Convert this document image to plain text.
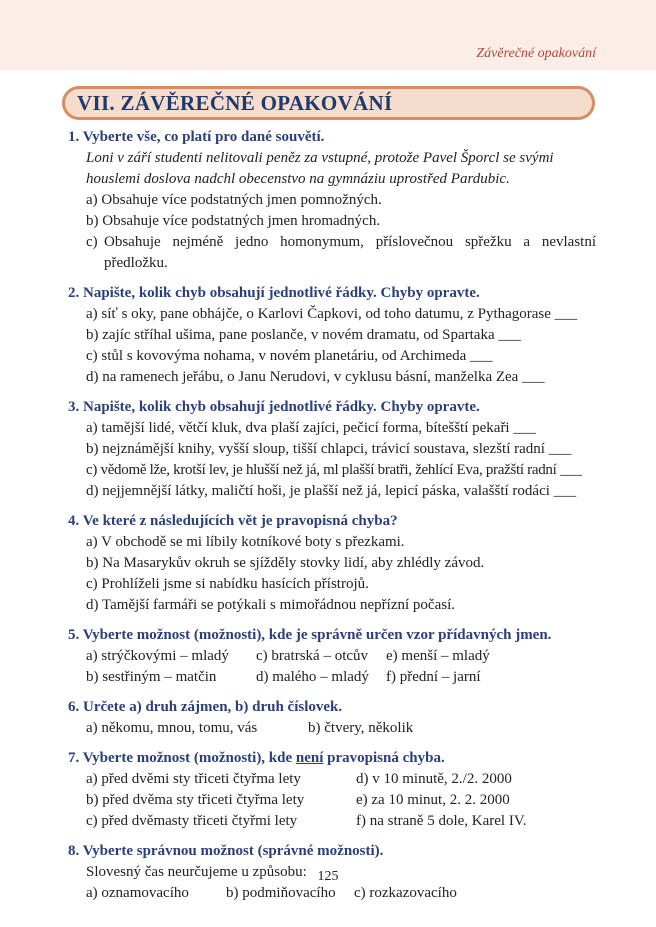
Závěrečné opakování
VII. ZÁVĚREČNÉ OPAKOVÁNÍ
1. Vyberte vše, co platí pro dané souvětí.
Loni v září studenti nelitovali peněz za vstupné, protože Pavel Šporcl se svými
houslemi doslova nadchl obecenstvo na gymnáziu uprostřed Pardubic.
a) Obsahuje více podstatných jmen pomnožných.
b) Obsahuje více podstatných jmen hromadných.
c) Obsahuje nejméně jedno homonymum, příslovečnou spřežku a nevlastní
předložku.
2. Napište, kolik chyb obsahují jednotlivé řádky. Chyby opravte.
a) síť s oky, pane obhájče, o Karlovi Čapkovi, od toho datumu, z Pythagorase ___
b) zajíc stříhal ušima, pane poslanče, v novém dramatu, od Spartaka ___
c) stůl s kovovýma nohama, v novém planetáriu, od Archimeda ___
d) na ramenech jeřábu, o Janu Nerudovi, v cyklusu básní, manželka Zea ___
3. Napište, kolik chyb obsahují jednotlivé řádky. Chyby opravte.
a) tamější lidé, větčí kluk, dva plaší zajíci, pečicí forma, bítešští pekaři ___
b) nejznámější knihy, vyšší sloup, tišší chlapci, trávicí soustava, slezští radní ___
c) vědomě lže, krotší lev, je hlušší než já, ml plašší bratři, žehlící Eva, pražští radní ___
d) nejjemnější látky, maličtí hoši, je plašší než já, lepicí páska, valašští rodáci ___
4. Ve které z následujících vět je pravopisná chyba?
a) V obchodě se mi líbily kotníkové boty s přezkami.
b) Na Masarykův okruh se sjížděly stovky lidí, aby zhlédly závod.
c) Prohlíželi jsme si nabídku hasících přístrojů.
d) Tamější farmáři se potýkali s mimořádnou nepřízní počasí.
5. Vyberte možnost (možnosti), kde je správně určen vzor přídavných jmen.
a) strýčkovými – mladý	c) bratrská – otcův	e) menší – mladý
b) sestřiným – matčin	d) malého – mladý	f) přední – jarní
6. Určete a) druh zájmen, b) druh číslovek.
a) někomu, mnou, tomu, vás	b) čtvery, několik
7. Vyberte možnost (možnosti), kde není pravopisná chyba.
a) před dvěmi sty třiceti čtyřma lety	d) v 10 minutě, 2./2. 2000
b) před dvěma sty třiceti čtyřma lety	e) za 10 minut, 2. 2. 2000
c) před dvěmasty třiceti čtyřmi lety	f) na straně 5 dole, Karel IV.
8. Vyberte správnou možnost (správné možnosti).
Slovesný čas neurčujeme u způsobu:
a) oznamovacího	b) podmiňovacího	c) rozkazovacího
125
